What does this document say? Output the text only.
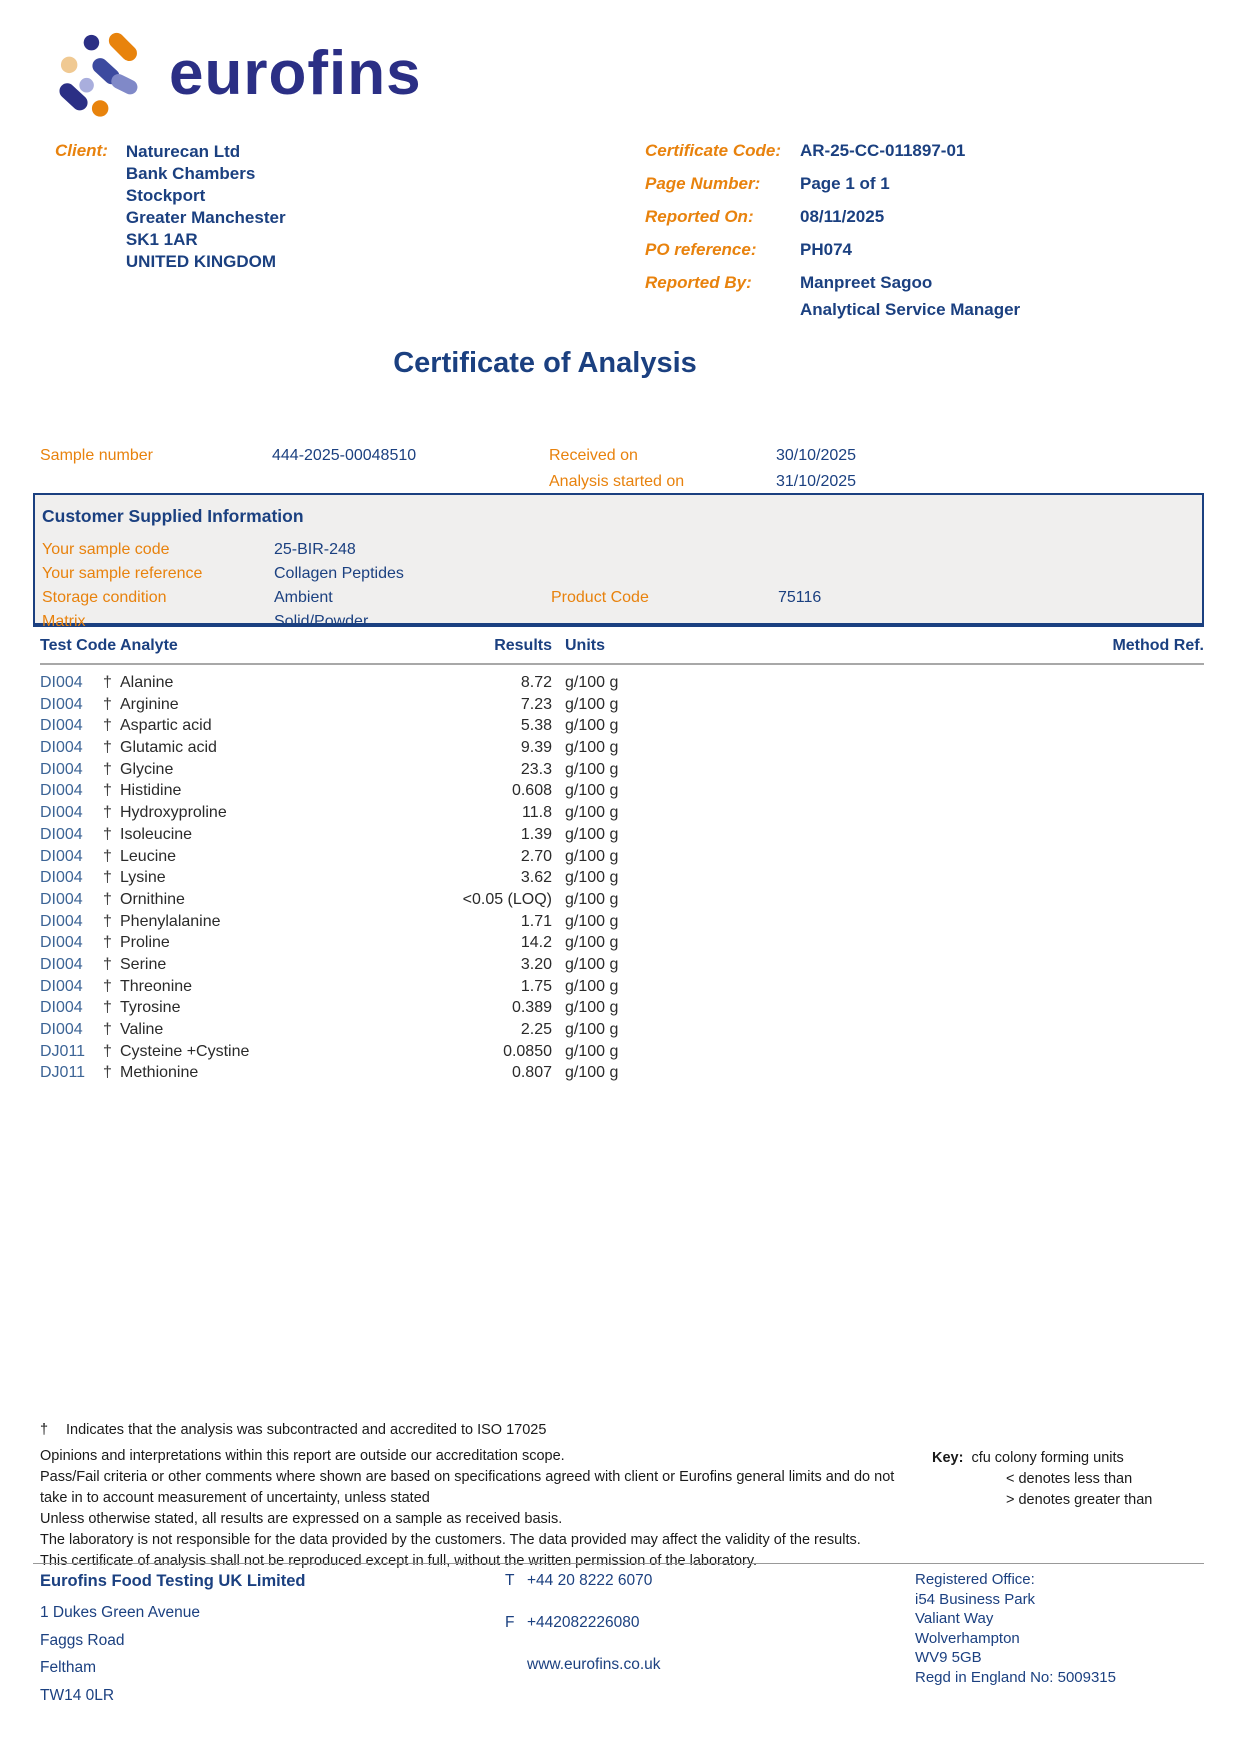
eurofins
Client: Naturecan Ltd
Bank Chambers
Stockport
Greater Manchester
SK1 1AR
UNITED KINGDOM
Certificate Code:	AR-25-CC-011897-01
Page Number:	Page 1 of 1
Reported On:	08/11/2025
PO reference:	PH074
Reported By:	Manpreet Sagoo
Analytical Service Manager
Certificate of Analysis
Sample number	444-2025-00048510	Received on	30/10/2025
Analysis started on	31/10/2025
Customer Supplied Information
Your sample code	25-BIR-248
Your sample reference	Collagen Peptides
Storage condition	Ambient	Product Code	75116
Matrix	Solid/Powder
Test Code Analyte	Results Units	Method Ref.
DI004	† Alanine	8.72 g/100 g
DI004	† Arginine	7.23 g/100 g
DI004	† Aspartic acid	5.38 g/100 g
DI004	† Glutamic acid	9.39 g/100 g
DI004	† Glycine	23.3 g/100 g
DI004	† Histidine	0.608 g/100 g
DI004	† Hydroxyproline	11.8 g/100 g
DI004	† Isoleucine	1.39 g/100 g
DI004	† Leucine	2.70 g/100 g
DI004	† Lysine	3.62 g/100 g
DI004	† Ornithine	<0.05 (LOQ) g/100 g
DI004	† Phenylalanine	1.71 g/100 g
DI004	† Proline	14.2 g/100 g
DI004	† Serine	3.20 g/100 g
DI004	† Threonine	1.75 g/100 g
DI004	† Tyrosine	0.389 g/100 g
DI004	† Valine	2.25 g/100 g
DJ011	† Cysteine +Cystine	0.0850 g/100 g
DJ011	† Methionine	0.807 g/100 g
†	Indicates that the analysis was subcontracted and accredited to ISO 17025
Opinions and interpretations within this report are outside our accreditation scope.
Pass/Fail criteria or other comments where shown are based on specifications agreed with client or Eurofins general limits and do not
take in to account measurement of uncertainty, unless stated
Unless otherwise stated, all results are expressed on a sample as received basis.
The laboratory is not responsible for the data provided by the customers. The data provided may affect the validity of the results.
This certificate of analysis shall not be reproduced except in full, without the written permission of the laboratory.
Key: cfu colony forming units
< denotes less than
> denotes greater than
Eurofins Food Testing UK Limited
1 Dukes Green Avenue
Faggs Road
Feltham
TW14 0LR
T +44 20 8222 6070
F +442082226080
www.eurofins.co.uk
Registered Office:
i54 Business Park
Valiant Way
Wolverhampton
WV9 5GB
Regd in England No: 5009315
